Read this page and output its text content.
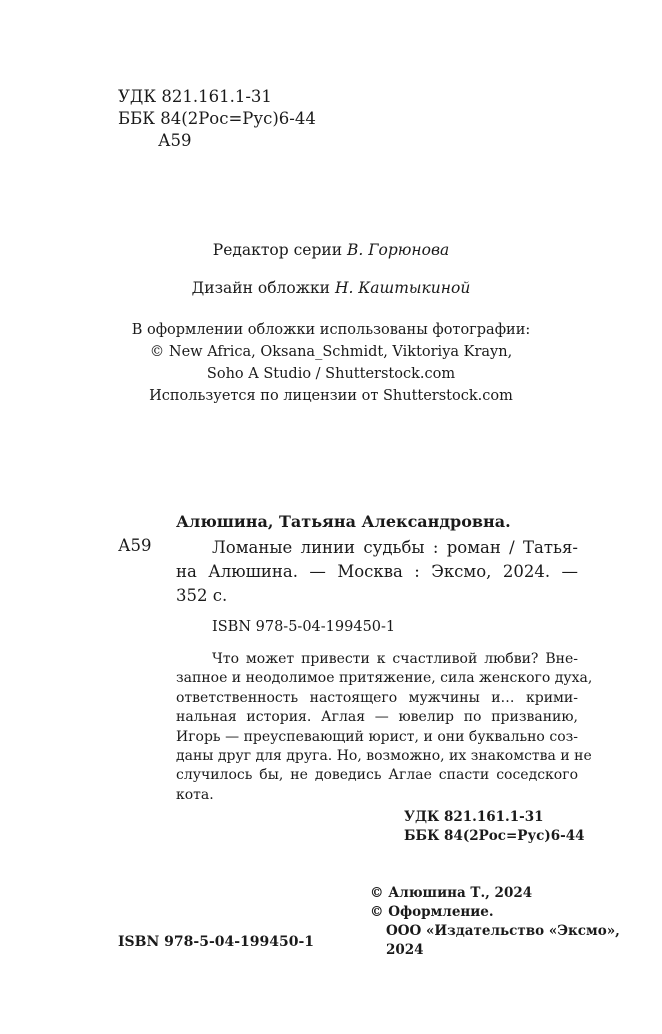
УДК 821.161.1-31
ББК 84(2Рос=Рус)6-44
А59
Редактор серии В. Горюнова
Дизайн обложки Н. Каштыкиной
В оформлении обложки использованы фотографии:
© New Africa, Oksana_Schmidt, Viktoriya Krayn,
Soho A Studio / Shutterstock.com
Используется по лицензии от Shutterstock.com
Алюшина, Татьяна Александровна.
А59	Ломаные линии судьбы : роман / Татья-
на Алюшина. — Москва : Эксмо, 2024. —
352 с.
ISBN 978-5-04-199450-1
Что может привести к счастливой любви? Вне-
запное и неодолимое притяжение, сила женского духа,
ответственность настоящего мужчины и… крими-
нальная история. Аглая — ювелир по призванию,
Игорь — преуспевающий юрист, и они буквально соз-
даны друг для друга. Но, возможно, их знакомства и не
случилось бы, не доведись Аглае спасти соседского
кота.
УДК 821.161.1-31
ББК 84(2Рос=Рус)6-44
ISBN 978-5-04-199450-1
© Алюшина Т., 2024
© Оформление.
ООО «Издательство «Эксмо»,
2024
